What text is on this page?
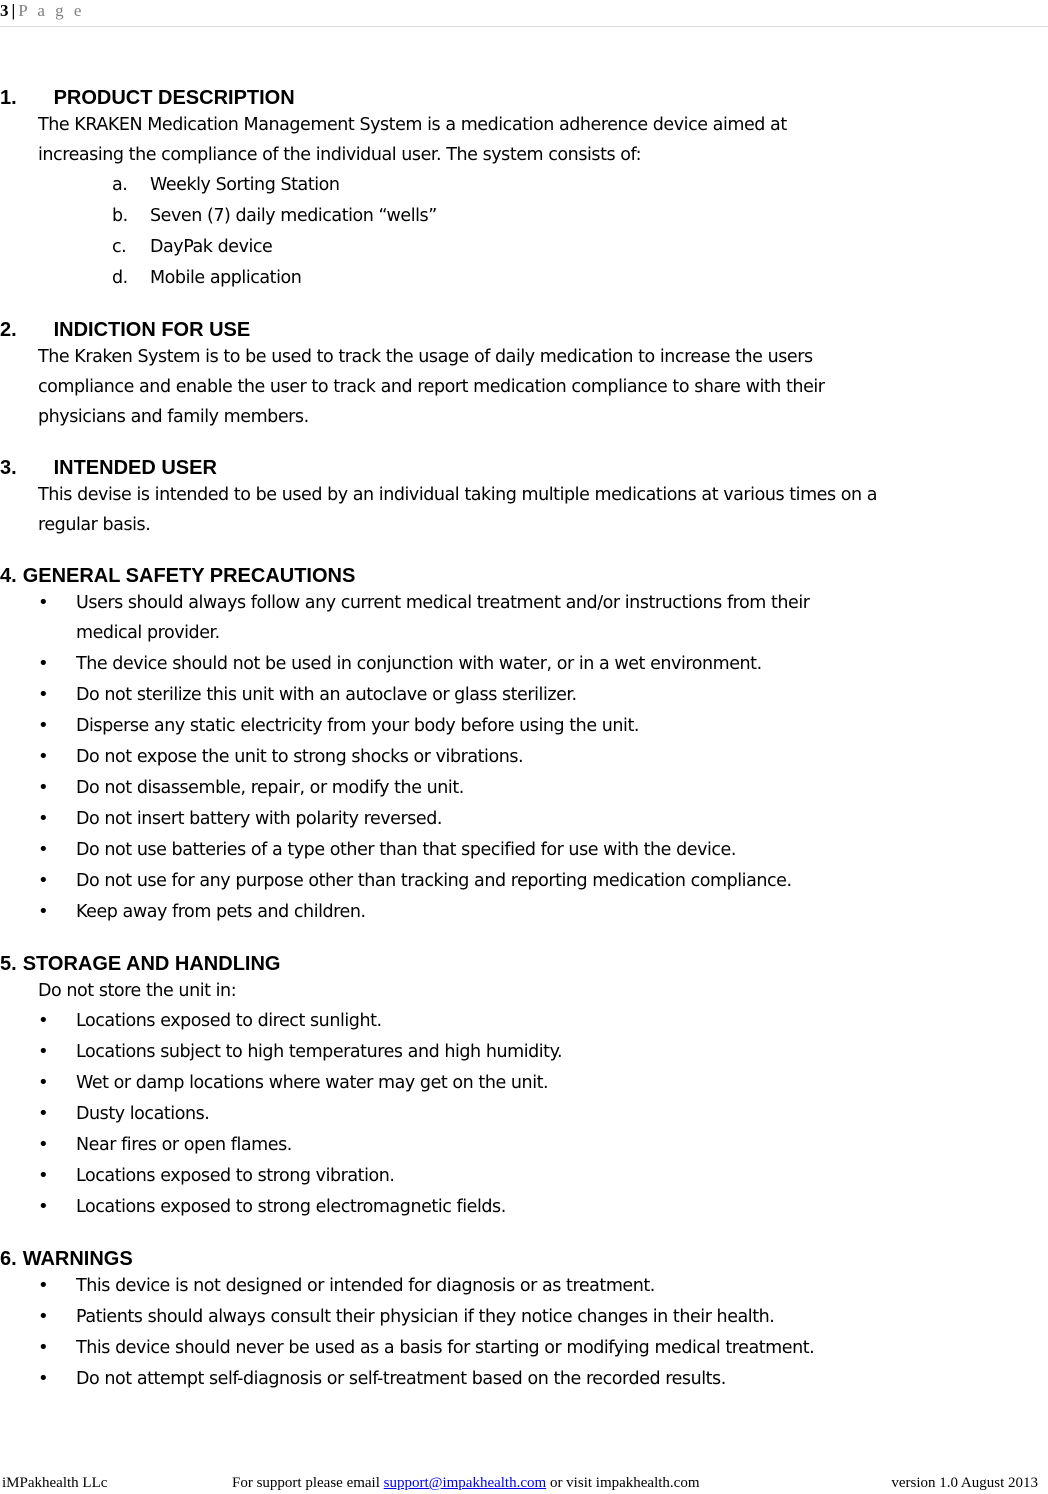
3 | P a g e
1. PRODUCT DESCRIPTION

The KRAKEN Medication Management System is a medication adherence device aimed at
increasing the compliance of the individual user. The system consists of:

a. Weekly Sorting Station
b. Seven (7) daily medication “wells”
c. DayPak device
d. Mobile application
2. INDICTION FOR USE

The Kraken System is to be used to track the usage of daily medication to increase the users
compliance and enable the user to track and report medication compliance to share with their
physicians and family members.

3. INTENDED USER

This devise is intended to be used by an individual taking multiple medications at various times on a
regular basis.

4. GENERAL SAFETY PRECAUTIONS
• Users should always follow any current medical treatment and/or instructions from their
medical provider.
• The device should not be used in conjunction with water, or in a wet environment.
• Do not sterilize this unit with an autoclave or glass sterilizer.
• Disperse any static electricity from your body before using the unit.
• Do not expose the unit to strong shocks or vibrations.
• Do not disassemble, repair, or modify the unit.
• Do not insert battery with polarity reversed.
• Do not use batteries of a type other than that specified for use with the device.
• Do not use for any purpose other than tracking and reporting medication compliance.
• Keep away from pets and children.
5. STORAGE AND HANDLING

Do not store the unit in:

• Locations exposed to direct sunlight.
• Locations subject to high temperatures and high humidity.
• Wet or damp locations where water may get on the unit.
• Dusty locations.
• Near fires or open flames.
• Locations exposed to strong vibration.
• Locations exposed to strong electromagnetic fields.
6. WARNINGS
• This device is not designed or intended for diagnosis or as treatment.
• Patients should always consult their physician if they notice changes in their health.
• This device should never be used as a basis for starting or modifying medical treatment.
• Do not attempt self-diagnosis or self-treatment based on the recorded results.
iMPakhealth LLc	For support please email support@impakhealth.com or visit impakhealth.com	version 1.0 August 2013
